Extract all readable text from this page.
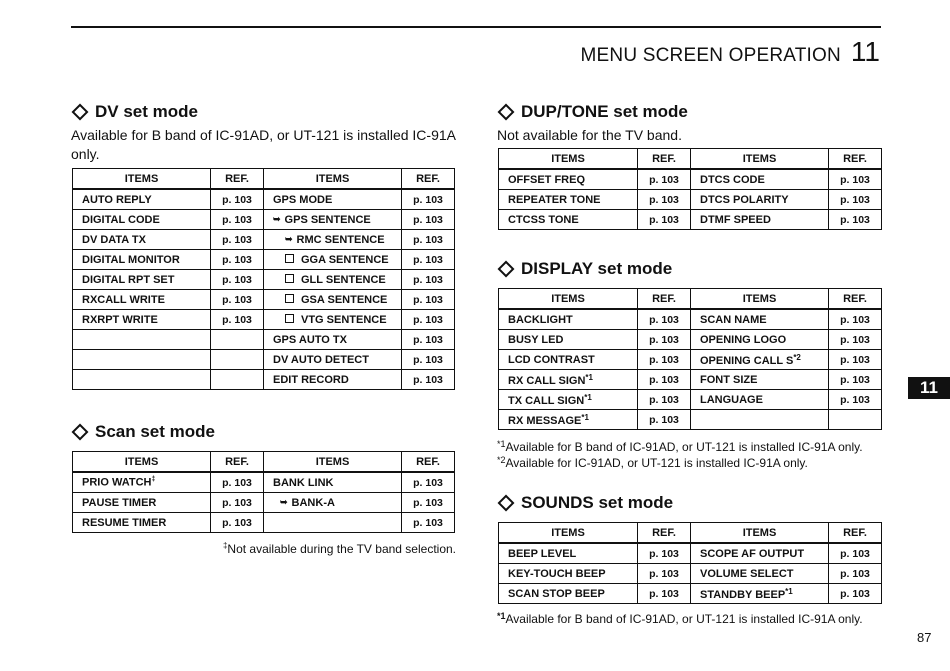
MENU SCREEN OPERATION 11
11
87
DV set mode
Available for B band of IC-91AD, or UT-121 is installed IC-91A only.
ITEMS	REF.	ITEMS	REF.
AUTO REPLY	p. 103	GPS MODE	p. 103
DIGITAL CODE	p. 103	➥ GPS SENTENCE	p. 103
DV DATA TX	p. 103	➥ RMC SENTENCE	p. 103
DIGITAL MONITOR	p. 103	GGA SENTENCE	p. 103
DIGITAL RPT SET	p. 103	GLL SENTENCE	p. 103
RXCALL WRITE	p. 103	GSA SENTENCE	p. 103
RXRPT WRITE	p. 103	VTG SENTENCE	p. 103
		GPS AUTO TX	p. 103
		DV AUTO DETECT	p. 103
		EDIT RECORD	p. 103
Scan set mode
ITEMS	REF.	ITEMS	REF.
PRIO WATCH‡	p. 103	BANK LINK	p. 103
PAUSE TIMER	p. 103	➥ BANK-A	p. 103
RESUME TIMER	p. 103		p. 103
‡Not available during the TV band selection.
DUP/TONE set mode
Not available for the TV band.
ITEMS	REF.	ITEMS	REF.
OFFSET FREQ	p. 103	DTCS CODE	p. 103
REPEATER TONE	p. 103	DTCS POLARITY	p. 103
CTCSS TONE	p. 103	DTMF SPEED	p. 103
DISPLAY set mode
ITEMS	REF.	ITEMS	REF.
BACKLIGHT	p. 103	SCAN NAME	p. 103
BUSY LED	p. 103	OPENING LOGO	p. 103
LCD CONTRAST	p. 103	OPENING CALL $S^{*2}$	p. 103
RX CALL SIGN$^{*1}$	p. 103	FONT SIZE	p. 103
TX CALL SIGN$^{*1}$	p. 103	LANGUAGE	p. 103
RX MESSAGE$^{*1}$	p. 103		
$^{*1}$Available for B band of IC-91AD, or UT-121 is installed IC-91A only.
$^{*2}$Available for IC-91AD, or UT-121 is installed IC-91A only.
SOUNDS set mode
ITEMS	REF.	ITEMS	REF.
BEEP LEVEL	p. 103	SCOPE AF OUTPUT	p. 103
KEY-TOUCH BEEP	p. 103	VOLUME SELECT	p. 103
SCAN STOP BEEP	p. 103	STANDBY BEEP$^{*1}$	p. 103
$^{*1}$Available for B band of IC-91AD, or UT-121 is installed IC-91A only.
